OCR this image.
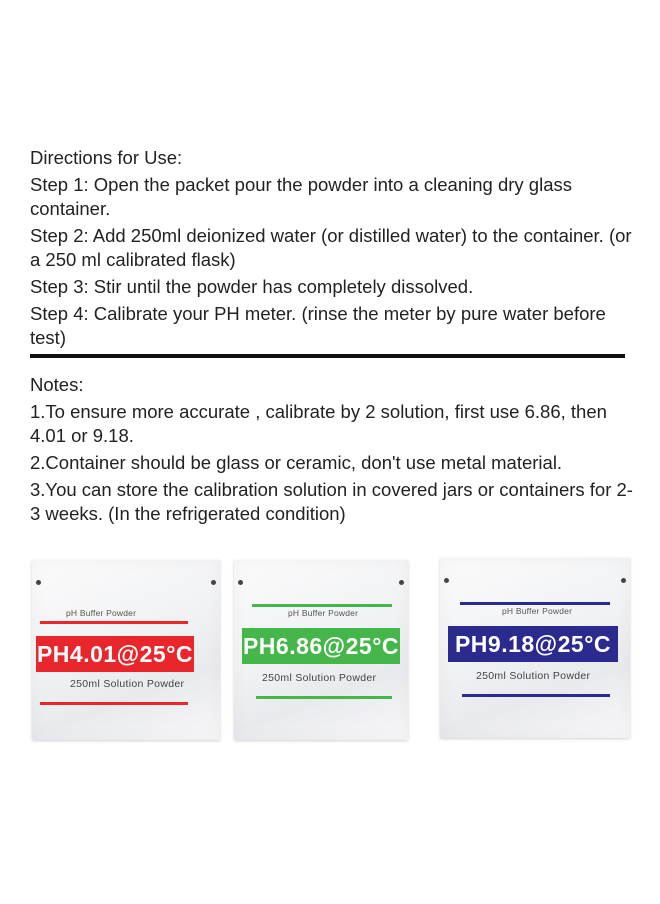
Directions for Use:

Step 1: Open the packet pour the powder into a cleaning dry glass container.

Step 2: Add 250ml deionized water (or distilled water) to the container. (or a 250 ml calibrated flask)

Step 3: Stir until the powder has completely dissolved.

Step 4: Calibrate your PH meter. (rinse the meter by pure water before test)

Notes:

1.To ensure more accurate , calibrate by 2 solution, first use 6.86, then 4.01 or 9.18.

2.Container should be glass or ceramic, don't use metal material.

3.You can store the calibration solution in covered jars or containers for 2-3 weeks. (In the refrigerated condition)

pH Buffer Powder
PH4.01@25°C
250ml Solution Powder
pH Buffer Powder
PH6.86@25°C
250ml Solution Powder
pH Buffer Powder
PH9.18@25°C
250ml Solution Powder
